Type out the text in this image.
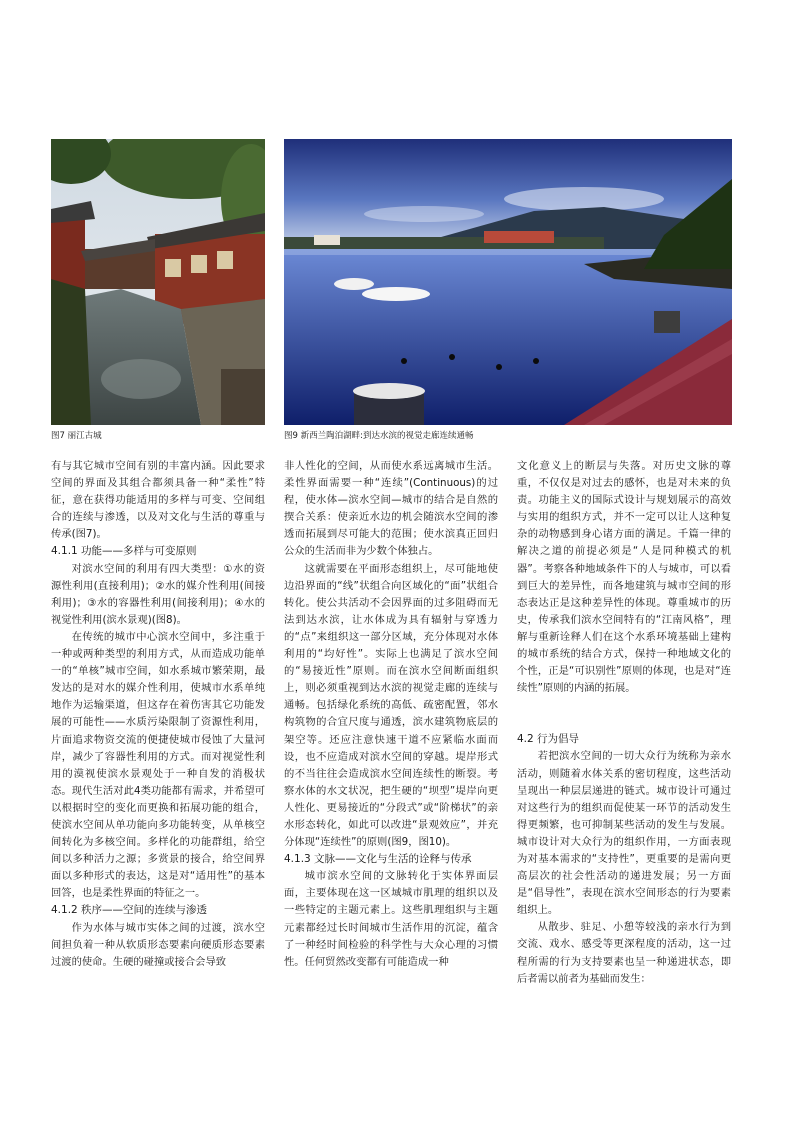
图7 丽江古城	图9 新西兰陶泊湖畔:到达水滨的视觉走廊连续通畅

有与其它城市空间有别的丰富内涵。因此要求空间的界面及其组合都须具备一种“柔性”特征，意在获得功能适用的多样与可变、空间组合的连续与渗透，以及对文化与生活的尊重与传承(图7)。

4.1.1 功能——多样与可变原则

对滨水空间的利用有四大类型：①水的资源性利用(直接利用)；②水的媒介性利用(间接利用)；③水的容器性利用(间接利用)；④水的视觉性利用(滨水景观)(图8)。

在传统的城市中心滨水空间中，多注重于一种或两种类型的利用方式，从而造成功能单一的“单核”城市空间，如水系城市繁荣期，最发达的是对水的媒介性利用，使城市水系单纯地作为运输渠道，但这存在着伤害其它功能发展的可能性——水质污染限制了资源性利用，片面追求物资交流的便捷使城市侵蚀了大量河岸，减少了容器性利用的方式。而对视觉性利用的漠视使滨水景观处于一种自发的消极状态。现代生活对此4类功能都有需求，并希望可以根据时空的变化而更换和拓展功能的组合，使滨水空间从单功能向多功能转变，从单核空间转化为多核空间。多样化的功能群组，给空间以多种活力之源；多赏景的接合，给空间界面以多种形式的表达，这是对“适用性”的基本回答，也是柔性界面的特征之一。

4.1.2 秩序——空间的连续与渗透

作为水体与城市实体之间的过渡，滨水空间担负着一种从软质形态要素向硬质形态要素过渡的使命。生硬的碰撞或接合会导致

非人性化的空间，从而使水系远离城市生活。柔性界面需要一种“连续”(Continuous)的过程，使水体—滨水空间—城市的结合是自然的揳合关系：使亲近水边的机会随滨水空间的渗透而拓展到尽可能大的范围；使水滨真正回归公众的生活而非为少数个体独占。

这就需要在平面形态组织上，尽可能地使边沿界面的“线”状组合向区域化的“面”状组合转化。使公共活动不会因界面的过多阻碍而无法到达水滨，让水体成为具有辐射与穿透力的“点”来组织这一部分区域，充分体现对水体利用的“均好性”。实际上也满足了滨水空间的“易接近性”原则。而在滨水空间断面组织上，则必须重视到达水滨的视觉走廊的连续与通畅。包括绿化系统的高低、疏密配置，邻水构筑物的合宜尺度与通透，滨水建筑物底层的架空等。还应注意快速干道不应紧临水面而设，也不应造成对滨水空间的穿越。堤岸形式的不当往往会造成滨水空间连续性的断裂。考察水体的水文状况，把生硬的“坝型”堤岸向更人性化、更易接近的“分段式”或“阶梯状”的亲水形态转化，如此可以改进“景观效应”，并充分体现“连续性”的原则(图9，图10)。

4.1.3 文脉——文化与生活的诠释与传承

城市滨水空间的文脉转化于实体界面层面，主要体现在这一区域城市肌理的组织以及一些特定的主题元素上。这些肌理组织与主题元素都经过长时间城市生活作用的沉淀，蕴含了一种经时间检验的科学性与大众心理的习惯性。任何贸然改变都有可能造成一种

文化意义上的断层与失落。对历史文脉的尊重，不仅仅是对过去的感怀，也是对未来的负责。功能主义的国际式设计与规划展示的高效与实用的组织方式，并不一定可以让人这种复杂的动物感到身心诸方面的满足。千篇一律的解决之道的前提必须是“人是同种模式的机器”。考察各种地域条件下的人与城市，可以看到巨大的差异性，而各地建筑与城市空间的形态表达正是这种差异性的体现。尊重城市的历史，传承我们滨水空间特有的“江南风格”，理解与重新诠释人们在这个水系环境基础上建构的城市系统的结合方式，保持一种地域文化的个性，正是“可识别性”原则的体现，也是对“连续性”原则的内涵的拓展。

4.2 行为倡导

若把滨水空间的一切大众行为统称为亲水活动，则随着水体关系的密切程度，这些活动呈现出一种层层递进的链式。城市设计可通过对这些行为的组织而促使某一环节的活动发生得更频繁，也可抑制某些活动的发生与发展。城市设计对大众行为的组织作用，一方面表现为对基本需求的“支持性”，更重要的是需向更高层次的社会性活动的递进发展；另一方面是“倡导性”，表现在滨水空间形态的行为要素组织上。

从散步、驻足、小憩等较浅的亲水行为到交流、戏水、感受等更深程度的活动，这一过程所需的行为支持要素也呈一种递进状态，即后者需以前者为基础而发生：
